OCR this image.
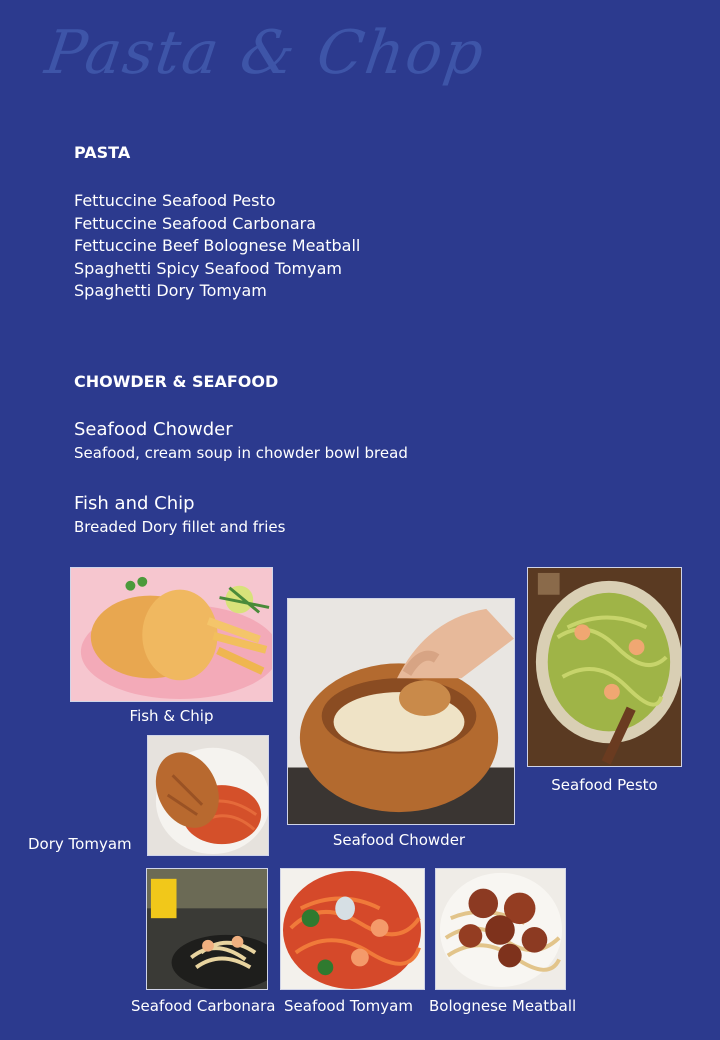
Pasta & Chop
PASTA
Fettuccine Seafood Pesto
Fettuccine Seafood Carbonara
Fettuccine Beef Bolognese Meatball
Spaghetti Spicy Seafood Tomyam
Spaghetti Dory Tomyam
CHOWDER & SEAFOOD
Seafood Chowder
Seafood, cream soup in chowder bowl bread
Fish and Chip
Breaded Dory fillet and fries
Fish & Chip
Seafood Chowder
Seafood Pesto
Dory Tomyam
Seafood Carbonara Seafood Tomyam Bolognese Meatball
